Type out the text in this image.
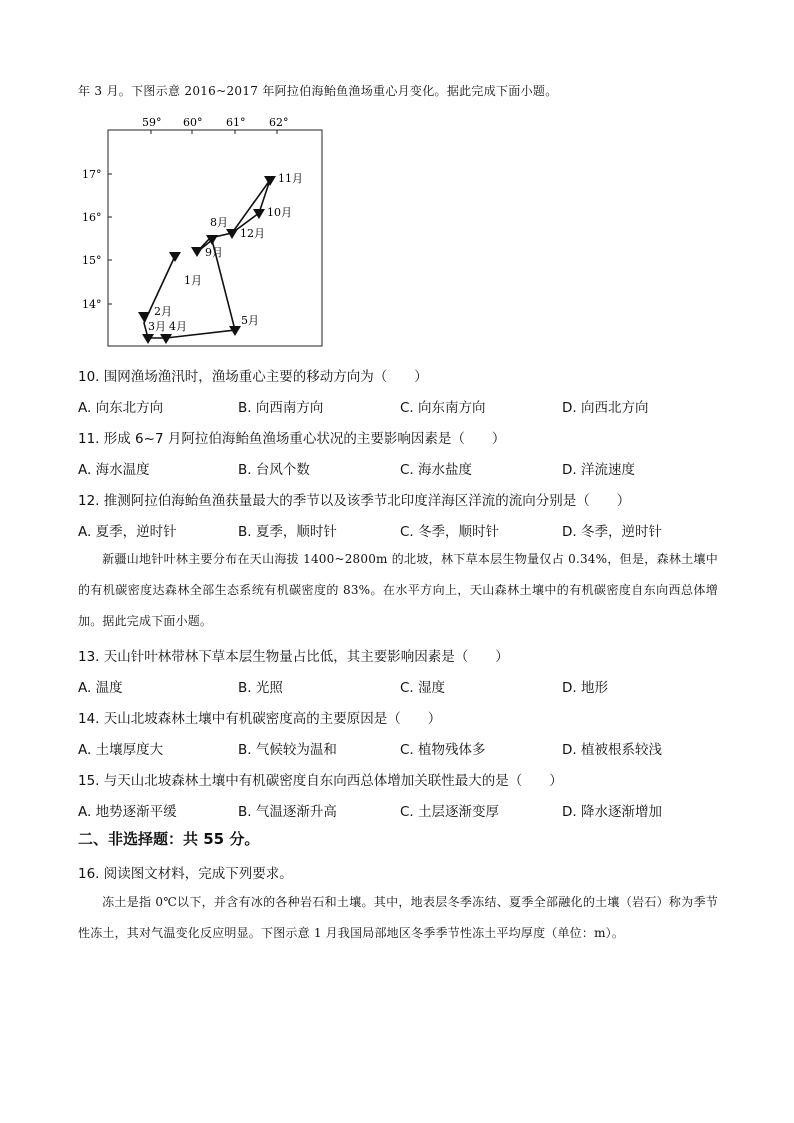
年 3 月。下图示意 2016~2017 年阿拉伯海鲐鱼渔场重心月变化。据此完成下面小题。
59° 60° 61° 62°
17°
16°
15°
14°
1月
2月
3月 4月	5月
8月
9月
10月
11月
12月
10. 围网渔场渔汛时，渔场重心主要的移动方向为（　　）
A. 向东北方向	B. 向西南方向	C. 向东南方向	D. 向西北方向
11. 形成 6~7 月阿拉伯海鲐鱼渔场重心状况的主要影响因素是（　　）
A. 海水温度	B. 台风个数	C. 海水盐度	D. 洋流速度
12. 推测阿拉伯海鲐鱼渔获量最大的季节以及该季节北印度洋海区洋流的流向分别是（　　）
A. 夏季，逆时针	B. 夏季，顺时针	C. 冬季，顺时针	D. 冬季，逆时针
新疆山地针叶林主要分布在天山海拔 1400~2800m 的北坡，林下草本层生物量仅占 0.34%，但是，森林土壤中的有机碳密度达森林全部生态系统有机碳密度的 83%。在水平方向上，天山森林土壤中的有机碳密度自东向西总体增加。据此完成下面小题。
13. 天山针叶林带林下草本层生物量占比低，其主要影响因素是（　　）
A. 温度	B. 光照	C. 湿度	D. 地形
14. 天山北坡森林土壤中有机碳密度高的主要原因是（　　）
A. 土壤厚度大	B. 气候较为温和	C. 植物残体多	D. 植被根系较浅
15. 与天山北坡森林土壤中有机碳密度自东向西总体增加关联性最大的是（　　）
A. 地势逐渐平缓	B. 气温逐渐升高	C. 土层逐渐变厚	D. 降水逐渐增加
二、非选择题：共 55 分。
16. 阅读图文材料，完成下列要求。
冻土是指 0℃以下，并含有冰的各种岩石和土壤。其中，地表层冬季冻结、夏季全部融化的土壤（岩石）称为季节性冻土，其对气温变化反应明显。下图示意 1 月我国局部地区冬季季节性冻土平均厚度（单位：m）。
